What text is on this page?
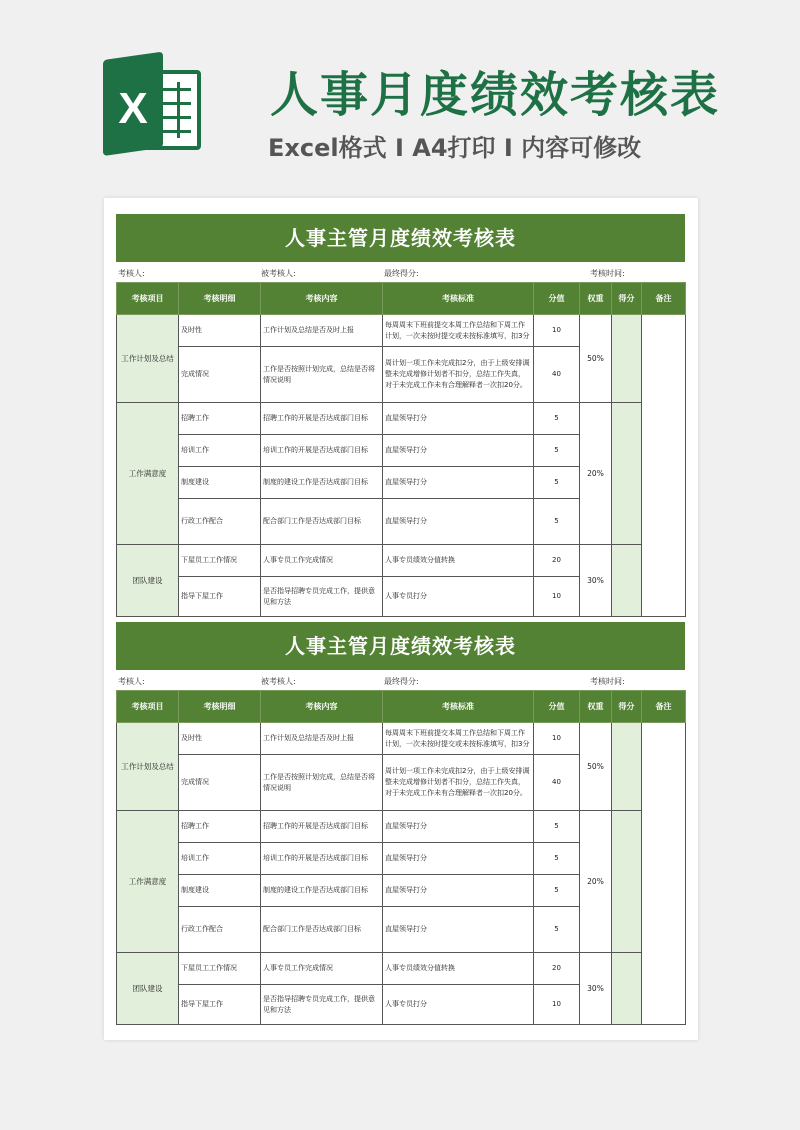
X	人事月度绩效考核表
Excel格式 I A4打印 I 内容可修改
人事主管月度绩效考核表
考核人:	被考核人:	最终得分:	考核时间:
考核项目	考核明细	考核内容	考核标准	分值	权重	得分	备注
工作计划及总结	及时性	工作计划及总结是否及时上报	每周周末下班前提交本周工作总结和下周工作计划，一次未按时提交或未按标准填写，扣3分	10	50%		
	完成情况	工作是否按照计划完成，总结是否将情况说明	周计划一项工作未完成扣2分，由于上级安排调整未完成增修计划者不扣分，总结工作失真，对于未完成工作未有合理解释者一次扣20分。	40			
工作满意度	招聘工作	招聘工作的开展是否达成部门目标	直屋领导打分	5	20%		
	培训工作	培训工作的开展是否达成部门目标	直屋领导打分	5			
	制度建设	制度的建设工作是否达成部门目标	直屋领导打分	5			
	行政工作配合	配合部门工作是否达成部门目标	直屋领导打分	5			
团队建设	下屋员工工作情况	人事专员工作完成情况	人事专员绩效分值转换	20	30%		
	指导下屋工作	是否指导招聘专员完成工作，提供意见和方法	人事专员打分	10			
人事主管月度绩效考核表
考核人:	被考核人:	最终得分:	考核时间:
考核项目	考核明细	考核内容	考核标准	分值	权重	得分	备注
工作计划及总结	及时性	工作计划及总结是否及时上报	每周周末下班前提交本周工作总结和下周工作计划，一次未按时提交或未按标准填写，扣3分	10	50%		
	完成情况	工作是否按照计划完成，总结是否将情况说明	周计划一项工作未完成扣2分，由于上级安排调整未完成增修计划者不扣分，总结工作失真，对于未完成工作未有合理解释者一次扣20分。	40			
工作满意度	招聘工作	招聘工作的开展是否达成部门目标	直屋领导打分	5	20%		
	培训工作	培训工作的开展是否达成部门目标	直屋领导打分	5			
	制度建设	制度的建设工作是否达成部门目标	直屋领导打分	5			
	行政工作配合	配合部门工作是否达成部门目标	直屋领导打分	5			
团队建设	下屋员工工作情况	人事专员工作完成情况	人事专员绩效分值转换	20	30%		
	指导下屋工作	是否指导招聘专员完成工作，提供意见和方法	人事专员打分	10			
